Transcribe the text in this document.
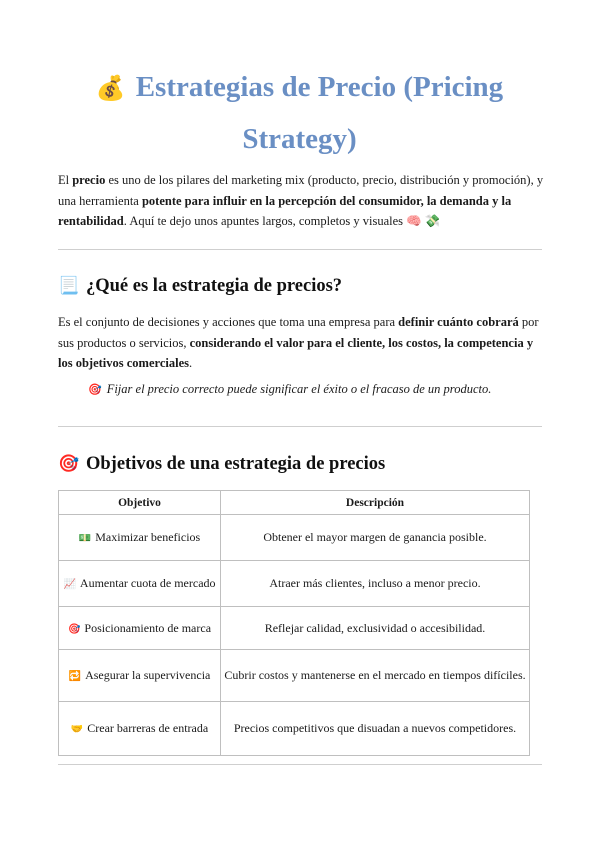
💰 Estrategias de Precio (Pricing
Strategy)

El precio es uno de los pilares del marketing mix (producto, precio, distribución y promoción), y una herramienta potente para influir en la percepción del consumidor, la demanda y la rentabilidad. Aquí te dejo unos apuntes largos, completos y visuales 🧠 💸

📃 ¿Qué es la estrategia de precios?

Es el conjunto de decisiones y acciones que toma una empresa para definir cuánto cobrará por sus productos o servicios, considerando el valor para el cliente, los costos, la competencia y los objetivos comerciales.

🎯 Fijar el precio correcto puede significar el éxito o el fracaso de un producto.

🎯 Objetivos de una estrategia de precios
Objetivo	Descripción
💵 Maximizar beneficios	Obtener el mayor margen de ganancia posible.
📈 Aumentar cuota de mercado	Atraer más clientes, incluso a menor precio.
🎯 Posicionamiento de marca	Reflejar calidad, exclusividad o accesibilidad.
🔁 Asegurar la supervivencia	Cubrir costos y mantenerse en el mercado en tiempos difíciles.
🤝 Crear barreras de entrada	Precios competitivos que disuadan a nuevos competidores.
